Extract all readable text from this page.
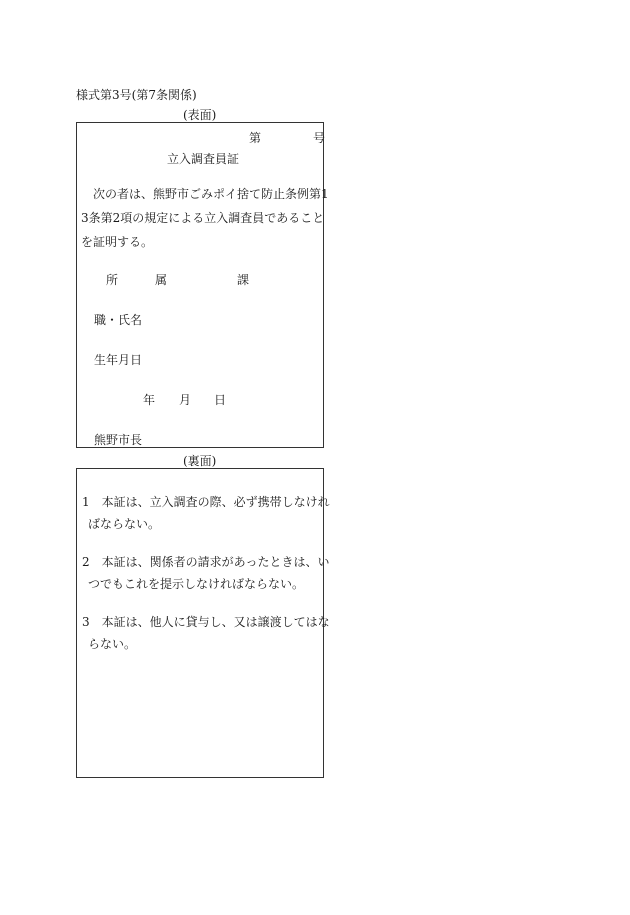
様式第3号(第7条関係)
(表面)
第	号
立入調査員証
次の者は、熊野市ごみポイ捨て防止条例第1
3条第2項の規定による立入調査員であること
を証明する。
所	属	課
職・氏名
生年月日
年 月 日
熊野市長
(裏面)
1　本証は、立入調査の際、必ず携帯しなけれ
ばならない。
2　本証は、関係者の請求があったときは、い
つでもこれを提示しなければならない。
3　本証は、他人に貸与し、又は譲渡してはな
らない。
